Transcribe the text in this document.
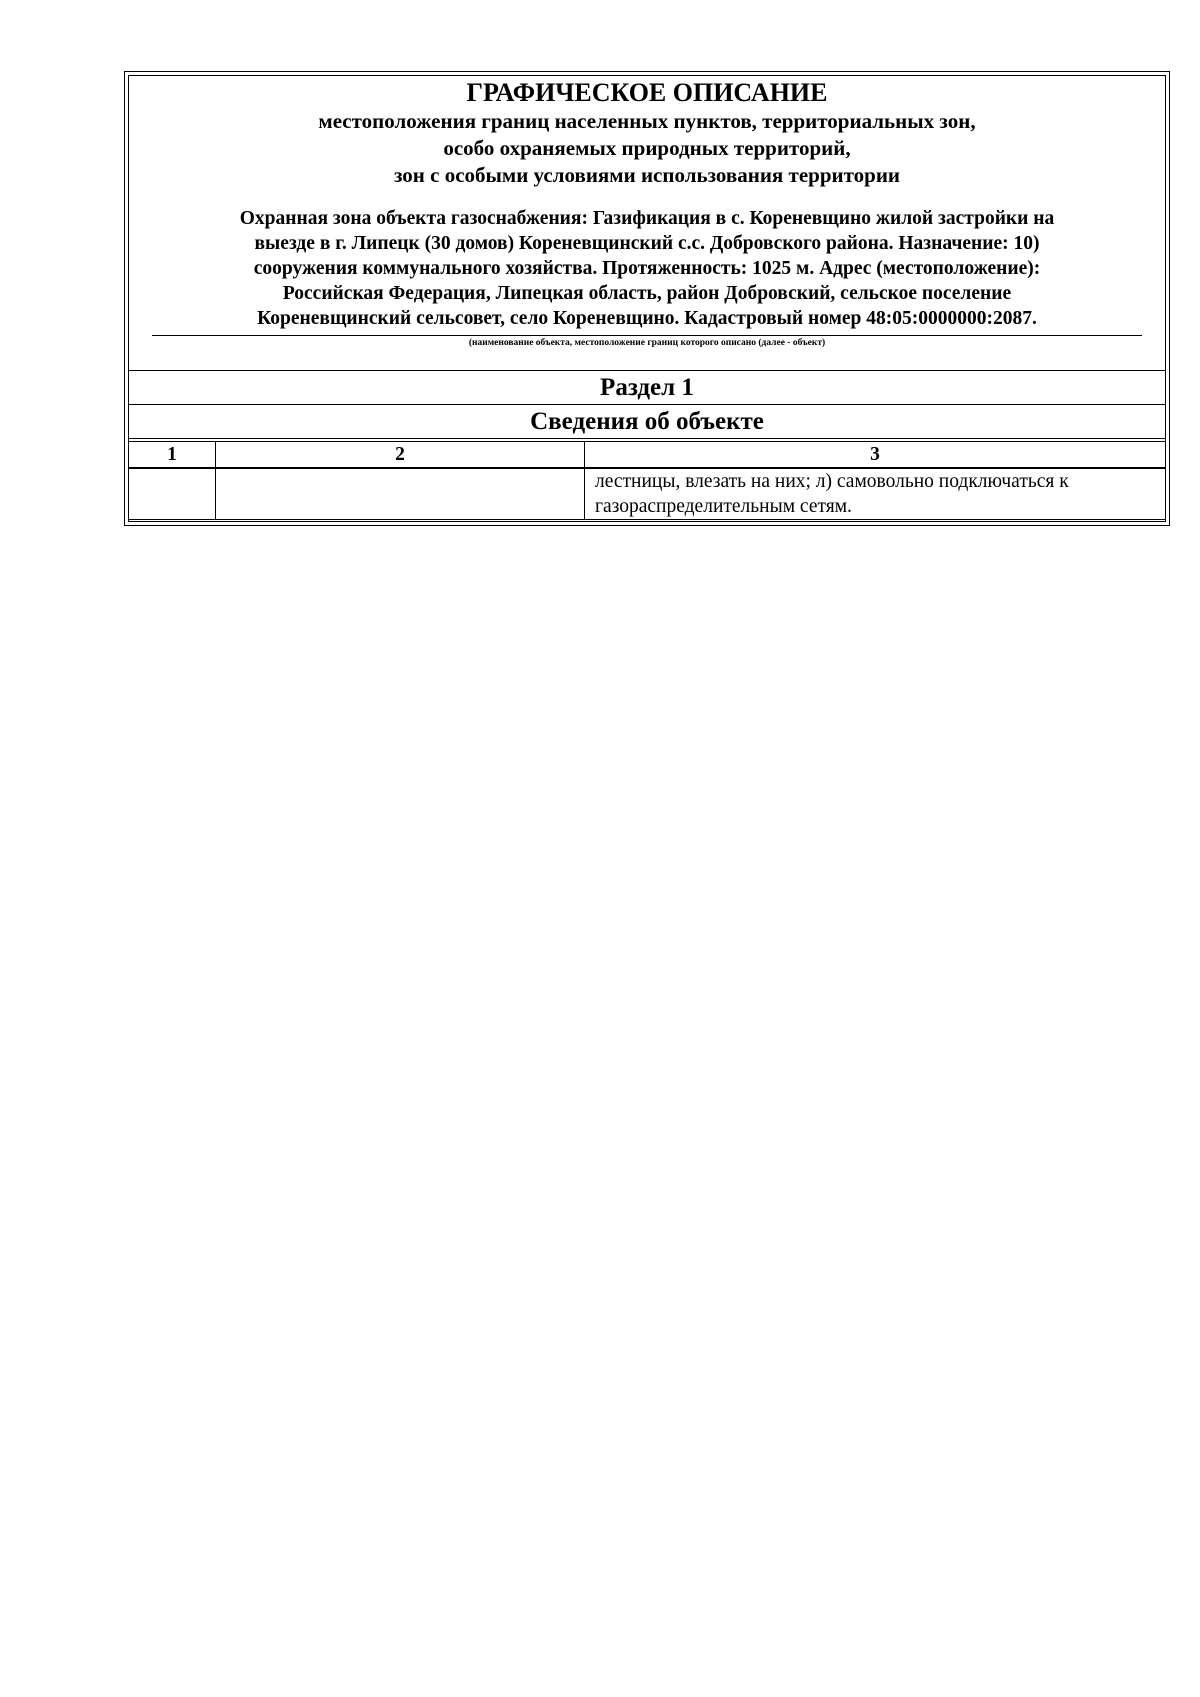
ГРАФИЧЕСКОЕ ОПИСАНИЕ
местоположения границ населенных пунктов, территориальных зон,
особо охраняемых природных территорий,
зон с особыми условиями использования территории
Охранная зона объекта газоснабжения: Газификация в с. Кореневщино жилой застройки на
выезде в г. Липецк (30 домов) Кореневщинский с.с. Добровского района. Назначение: 10)
сооружения коммунального хозяйства. Протяженность: 1025 м. Адрес (местоположение):
Российская Федерация, Липецкая область, район Добровский, сельское поселение
Кореневщинский сельсовет, село Кореневщино. Кадастровый номер 48:05:0000000:2087.
(наименование объекта, местоположение границ которого описано (далее - объект)
Раздел 1
Сведения об объекте
1	2	3
		лестницы, влезать на них; л) самовольно подключаться к газораспределительным сетям.
